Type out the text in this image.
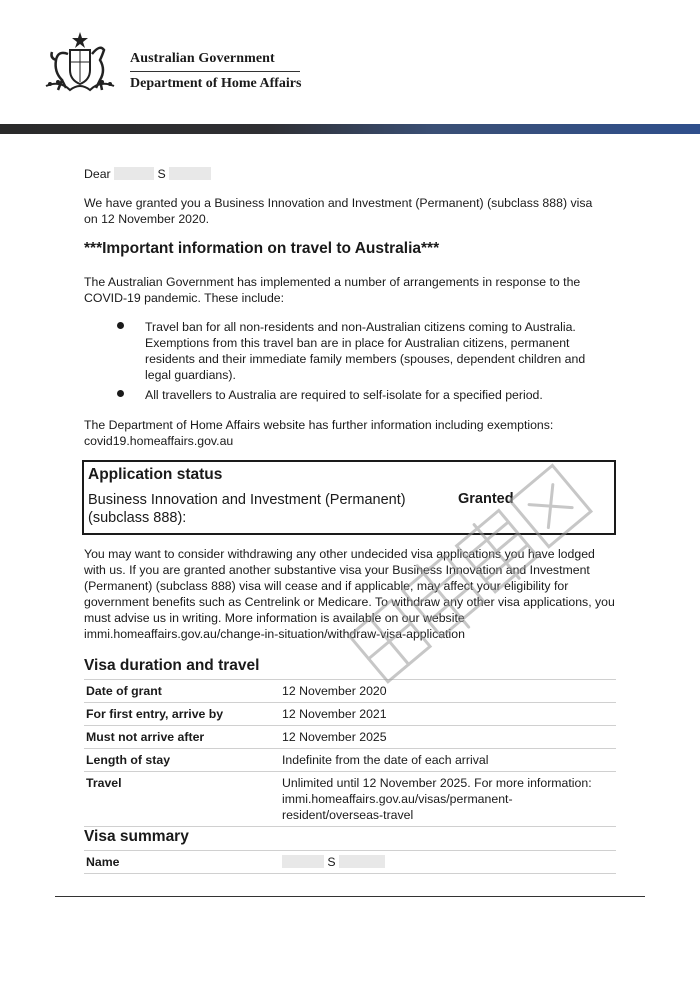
Australian Government
Department of Home Affairs
Dear	S
We have granted you a Business Innovation and Investment (Permanent) (subclass 888) visa on 12 November 2020.
***Important information on travel to Australia***
The Australian Government has implemented a number of arrangements in response to the COVID-19 pandemic. These include:
Travel ban for all non-residents and non-Australian citizens coming to Australia. Exemptions from this travel ban are in place for Australian citizens, permanent residents and their immediate family members (spouses, dependent children and legal guardians).
All travellers to Australia are required to self-isolate for a specified period.
The Department of Home Affairs website has further information including exemptions:
covid19.homeaffairs.gov.au
Application status
Business Innovation and Investment (Permanent) (subclass 888):
Granted
You may want to consider withdrawing any other undecided visa applications you have lodged with us. If you are granted another substantive visa your Business Innovation and Investment (Permanent) (subclass 888) visa will cease and if applicable, may affect your eligibility for government benefits such as Centrelink or Medicare. To withdraw any other visa applications, you must advise us in writing. More information is available on our website
immi.homeaffairs.gov.au/change-in-situation/withdraw-visa-application
Visa duration and travel
Date of grant	12 November 2020
For first entry, arrive by	12 November 2021
Must not arrive after	12 November 2025
Length of stay	Indefinite from the date of each arrival
Travel	Unlimited until 12 November 2025. For more information:
immi.homeaffairs.gov.au/visas/permanent-resident/overseas-travel
Visa summary
Name	S
